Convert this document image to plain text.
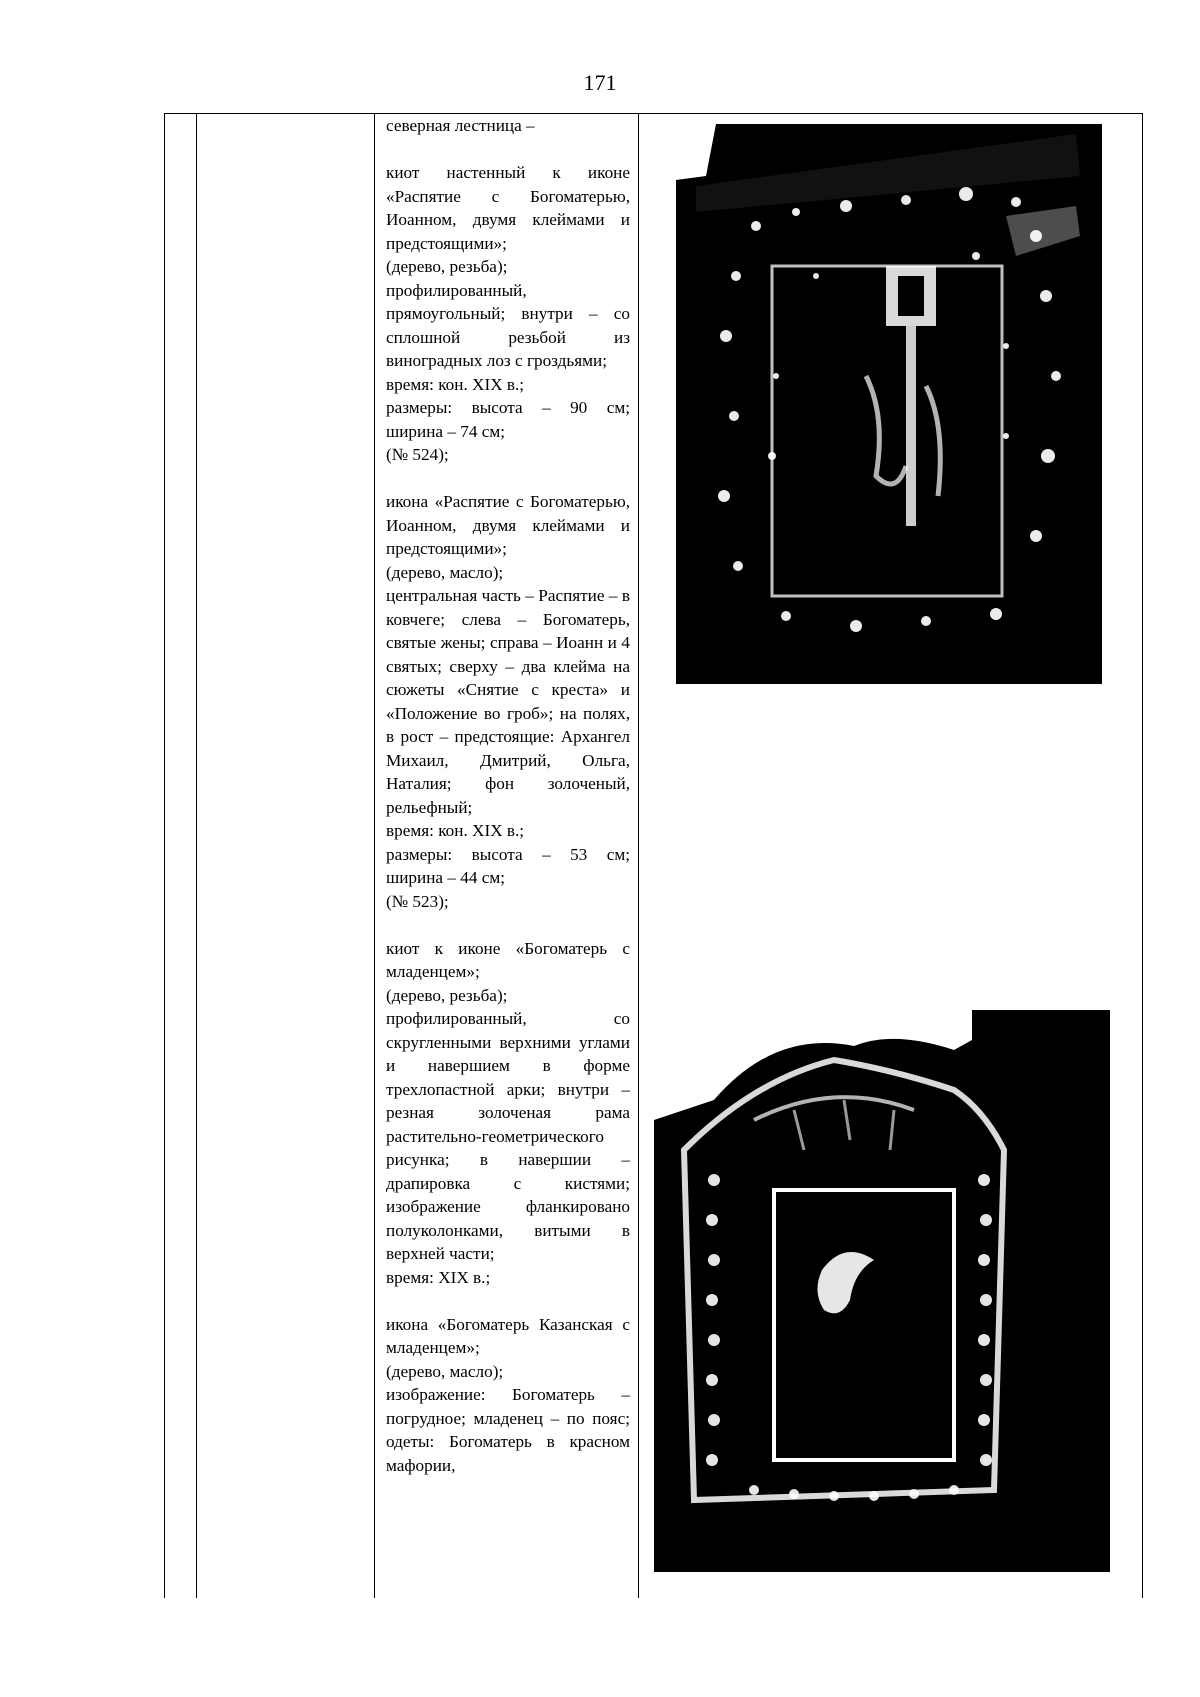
171

северная лестница –

киот настенный к иконе «Распятие с Богоматерью, Иоанном, двумя клеймами и предстоящими»;
(дерево, резьба);
профилированный, прямоугольный; внутри – со сплошной резьбой из виноградных лоз с гроздьями;
время: кон. XIX в.;
размеры: высота – 90 см; ширина – 74 см;
(№ 524);

икона «Распятие с Богоматерью, Иоанном, двумя клеймами и предстоящими»;
(дерево, масло);
центральная часть – Распятие – в ковчеге; слева – Богоматерь, святые жены; справа – Иоанн и 4 святых; сверху – два клейма на сюжеты «Снятие с креста» и «Положение во гроб»; на полях, в рост – предстоящие: Архангел Михаил, Дмитрий, Ольга, Наталия; фон золоченый, рельефный;
время: кон. XIX в.;
размеры: высота – 53 см; ширина – 44 см;
(№ 523);

киот к иконе «Богоматерь с младенцем»;
(дерево, резьба);
профилированный, со скругленными верхними углами и навершием в форме трехлопастной арки; внутри – резная золоченая рама растительно-геометрического рисунка; в навершии – драпировка с кистями; изображение фланкировано полуколонками, витыми в верхней части;
время: XIX в.;

икона «Богоматерь Казанская с младенцем»;
(дерево, масло);
изображение: Богоматерь – погрудное; младенец – по пояс; одеты: Богоматерь в красном мафории,
